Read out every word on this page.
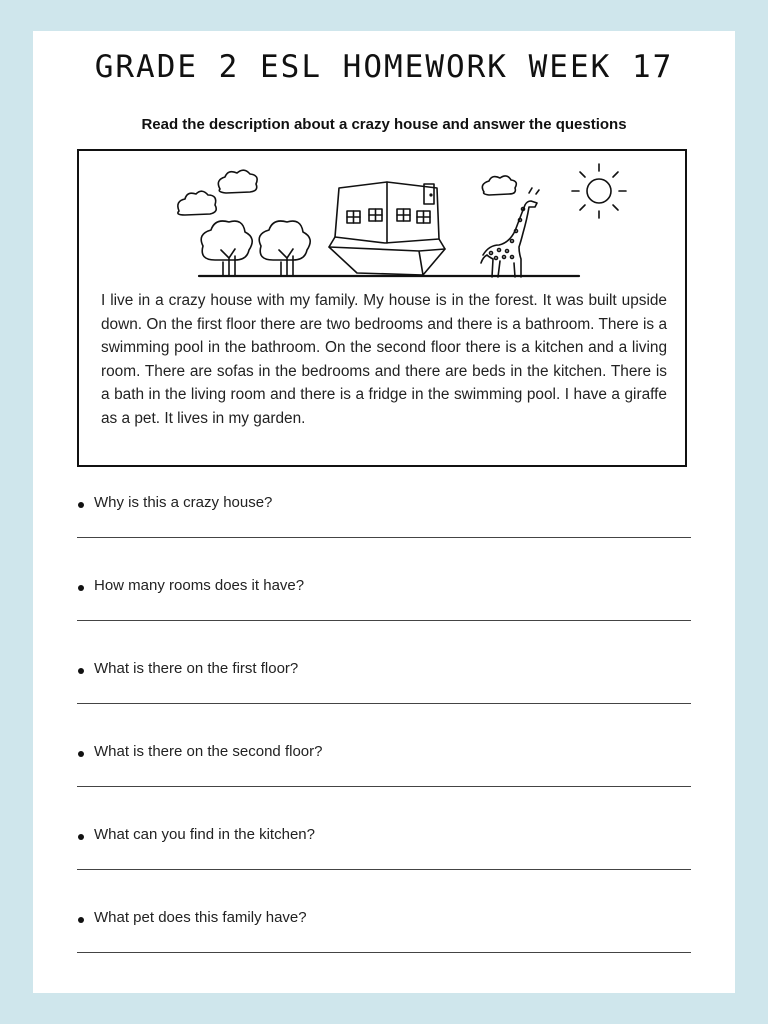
GRADE 2 ESL HOMEWORK WEEK 17
Read the description about a crazy house and answer the questions

I live in a crazy house with my family. My house is in the forest. It was built upside down. On the first floor there are two bedrooms and there is a bathroom. There is a swimming pool in the bathroom. On the second floor there is a kitchen and a living room. There are sofas in the bedrooms and there are beds in the kitchen. There is a bath in the living room and there is a fridge in the swimming pool. I have a giraffe as a pet. It lives in my garden.

Why is this a crazy house?
How many rooms does it have?
What is there on the first floor?
What is there on the second floor?
What can you find in the kitchen?
What pet does this family have?
